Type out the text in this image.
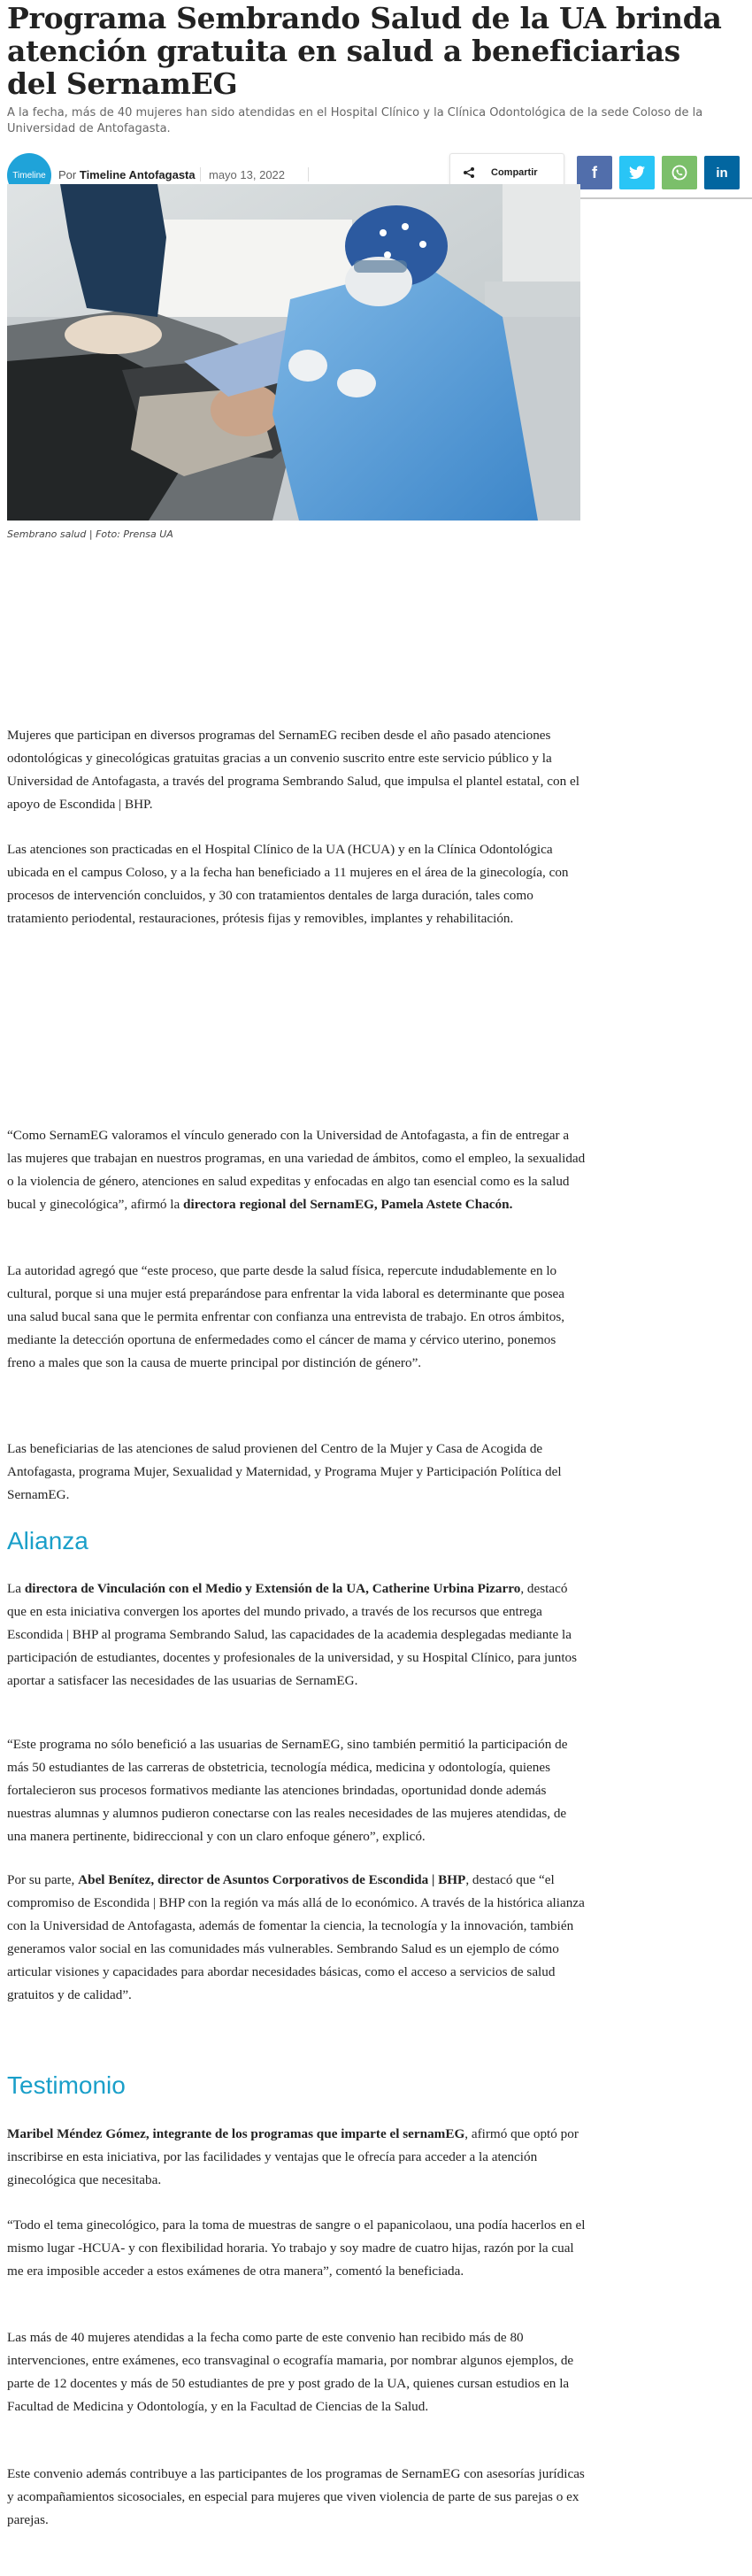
Programa Sembrando Salud de la UA brinda atención gratuita en salud a beneficiarias del SernamEG
A la fecha, más de 40 mujeres han sido atendidas en el Hospital Clínico y la Clínica Odontológica de la sede Coloso de la Universidad de Antofagasta.
Timeline Por Timeline Antofagasta mayo 13, 2022	Compartir	f	in
Sembrano salud | Foto: Prensa UA

Mujeres que participan en diversos programas del SernamEG reciben desde el año pasado atenciones odontológicas y ginecológicas gratuitas gracias a un convenio suscrito entre este servicio público y la Universidad de Antofagasta, a través del programa Sembrando Salud, que impulsa el plantel estatal, con el apoyo de Escondida | BHP.

Las atenciones son practicadas en el Hospital Clínico de la UA (HCUA) y en la Clínica Odontológica ubicada en el campus Coloso, y a la fecha han beneficiado a 11 mujeres en el área de la ginecología, con procesos de intervención concluidos, y 30 con tratamientos dentales de larga duración, tales como tratamiento periodental, restauraciones, prótesis fijas y removibles, implantes y rehabilitación.

“Como SernamEG valoramos el vínculo generado con la Universidad de Antofagasta, a fin de entregar a las mujeres que trabajan en nuestros programas, en una variedad de ámbitos, como el empleo, la sexualidad o la violencia de género, atenciones en salud expeditas y enfocadas en algo tan esencial como es la salud bucal y ginecológica”, afirmó la directora regional del SernamEG, Pamela Astete Chacón.

La autoridad agregó que “este proceso, que parte desde la salud física, repercute indudablemente en lo cultural, porque si una mujer está preparándose para enfrentar la vida laboral es determinante que posea una salud bucal sana que le permita enfrentar con confianza una entrevista de trabajo. En otros ámbitos, mediante la detección oportuna de enfermedades como el cáncer de mama y cérvico uterino, ponemos freno a males que son la causa de muerte principal por distinción de género”.

Las beneficiarias de las atenciones de salud provienen del Centro de la Mujer y Casa de Acogida de Antofagasta, programa Mujer, Sexualidad y Maternidad, y Programa Mujer y Participación Política del SernamEG.

Alianza

La directora de Vinculación con el Medio y Extensión de la UA, Catherine Urbina Pizarro, destacó que en esta iniciativa convergen los aportes del mundo privado, a través de los recursos que entrega Escondida | BHP al programa Sembrando Salud, las capacidades de la academia desplegadas mediante la participación de estudiantes, docentes y profesionales de la universidad, y su Hospital Clínico, para juntos aportar a satisfacer las necesidades de las usuarias de SernamEG.

“Este programa no sólo benefició a las usuarias de SernamEG, sino también permitió la participación de más 50 estudiantes de las carreras de obstetricia, tecnología médica, medicina y odontología, quienes fortalecieron sus procesos formativos mediante las atenciones brindadas, oportunidad donde además nuestras alumnas y alumnos pudieron conectarse con las reales necesidades de las mujeres atendidas, de una manera pertinente, bidireccional y con un claro enfoque género”, explicó.

Por su parte, Abel Benítez, director de Asuntos Corporativos de Escondida | BHP, destacó que “el compromiso de Escondida | BHP con la región va más allá de lo económico. A través de la histórica alianza con la Universidad de Antofagasta, además de fomentar la ciencia, la tecnología y la innovación, también generamos valor social en las comunidades más vulnerables. Sembrando Salud es un ejemplo de cómo articular visiones y capacidades para abordar necesidades básicas, como el acceso a servicios de salud gratuitos y de calidad”.

Testimonio

Maribel Méndez Gómez, integrante de los programas que imparte el sernamEG, afirmó que optó por inscribirse en esta iniciativa, por las facilidades y ventajas que le ofrecía para acceder a la atención ginecológica que necesitaba.

“Todo el tema ginecológico, para la toma de muestras de sangre o el papanicolaou, una podía hacerlos en el mismo lugar -HCUA- y con flexibilidad horaria. Yo trabajo y soy madre de cuatro hijas, razón por la cual me era imposible acceder a estos exámenes de otra manera”, comentó la beneficiada.

Las más de 40 mujeres atendidas a la fecha como parte de este convenio han recibido más de 80 intervenciones, entre exámenes, eco transvaginal o ecografía mamaria, por nombrar algunos ejemplos, de parte de 12 docentes y más de 50 estudiantes de pre y post grado de la UA, quienes cursan estudios en la Facultad de Medicina y Odontología, y en la Facultad de Ciencias de la Salud.

Este convenio además contribuye a las participantes de los programas de SernamEG con asesorías jurídicas y acompañamientos sicosociales, en especial para mujeres que viven violencia de parte de sus parejas o ex parejas.
